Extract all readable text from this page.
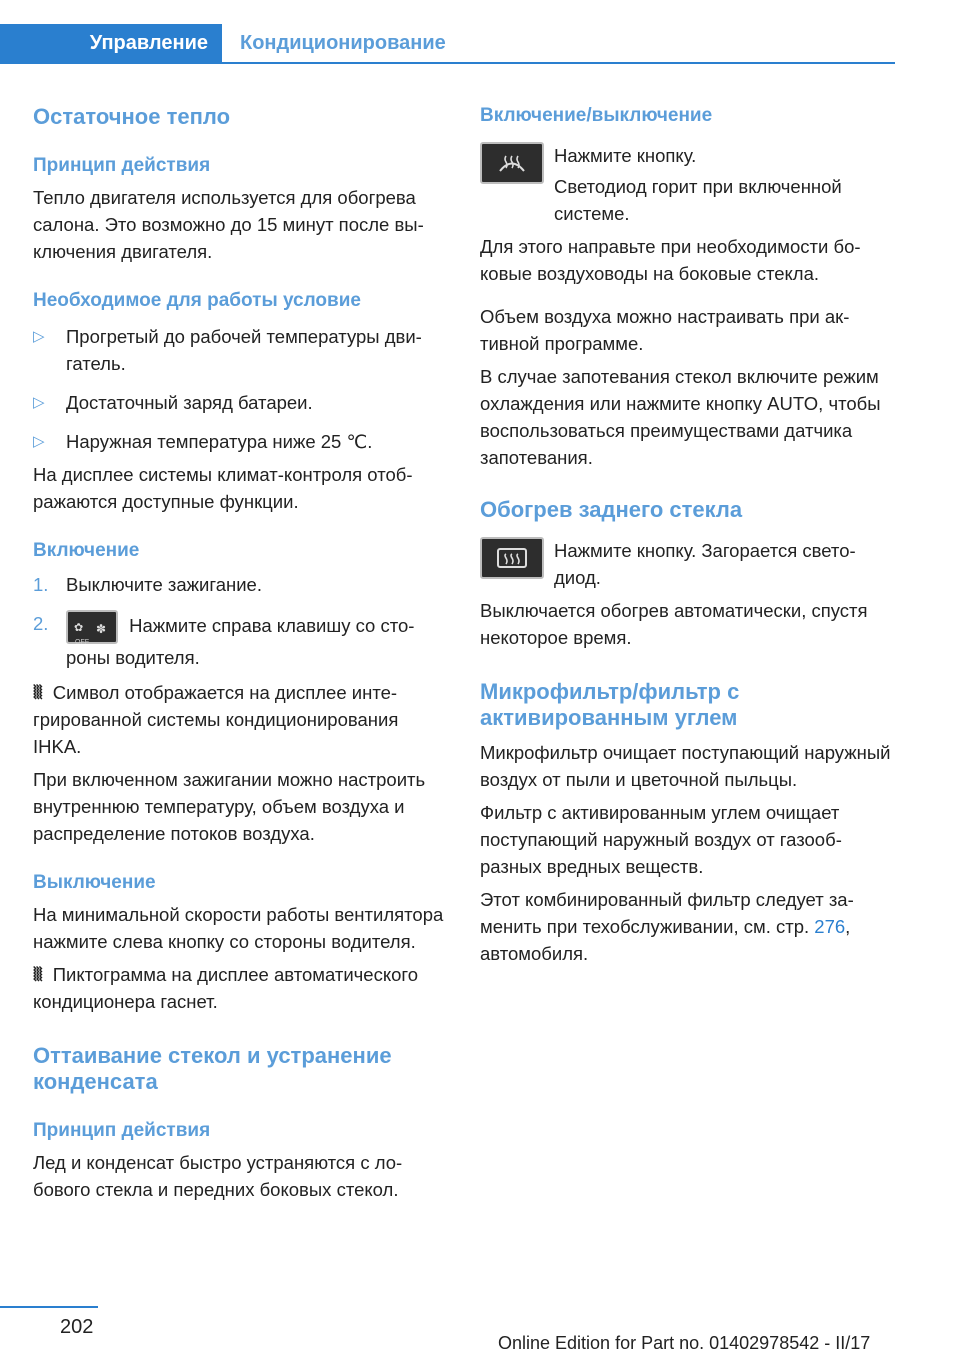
Управление	Кондиционирование
Остаточное тепло
Принцип действия
Тепло двигателя используется для обогрева салона. Это возможно до 15 минут после выключения двигателя.
Необходимое для работы условие
▷ Прогретый до рабочей температуры двигатель.
▷ Достаточный заряд батареи.
▷ Наружная температура ниже 25 ℃.
На дисплее системы климат-контроля отображаются доступные функции.
Включение
1. Выключите зажигание.
2. ✿ ✽
OFF
Нажмите справа клавишу со стороны водителя.
⦚⦚⦚ Символ отображается на дисплее интегрированной системы кондиционирования IHKA.
При включенном зажигании можно настроить внутреннюю температуру, объем воздуха и распределение потоков воздуха.
Выключение
На минимальной скорости работы вентилятора нажмите слева кнопку со стороны водителя.
⦚⦚⦚ Пиктограмма на дисплее автоматического кондиционера гаснет.
Оттаивание стекол и устранение конденсата
Принцип действия
Лед и конденсат быстро устраняются с лобового стекла и передних боковых стекол.
Включение/выключение
Нажмите кнопку.
Светодиод горит при включенной системе.
Для этого направьте при необходимости боковые воздуховоды на боковые стекла.
Объем воздуха можно настраивать при активной программе.
В случае запотевания стекол включите режим охлаждения или нажмите кнопку AUTO, чтобы воспользоваться преимуществами датчика запотевания.
Обогрев заднего стекла
Нажмите кнопку. Загорается светодиод.
Выключается обогрев автоматически, спустя некоторое время.
Микрофильтр/фильтр с активированным углем
Микрофильтр очищает поступающий наружный воздух от пыли и цветочной пыльцы.
Фильтр с активированным углем очищает поступающий наружный воздух от газообразных вредных веществ.
Этот комбинированный фильтр следует заменить при техобслуживании, см. стр. 276, автомобиля.
202
Online Edition for Part no. 01402978542 - II/17
